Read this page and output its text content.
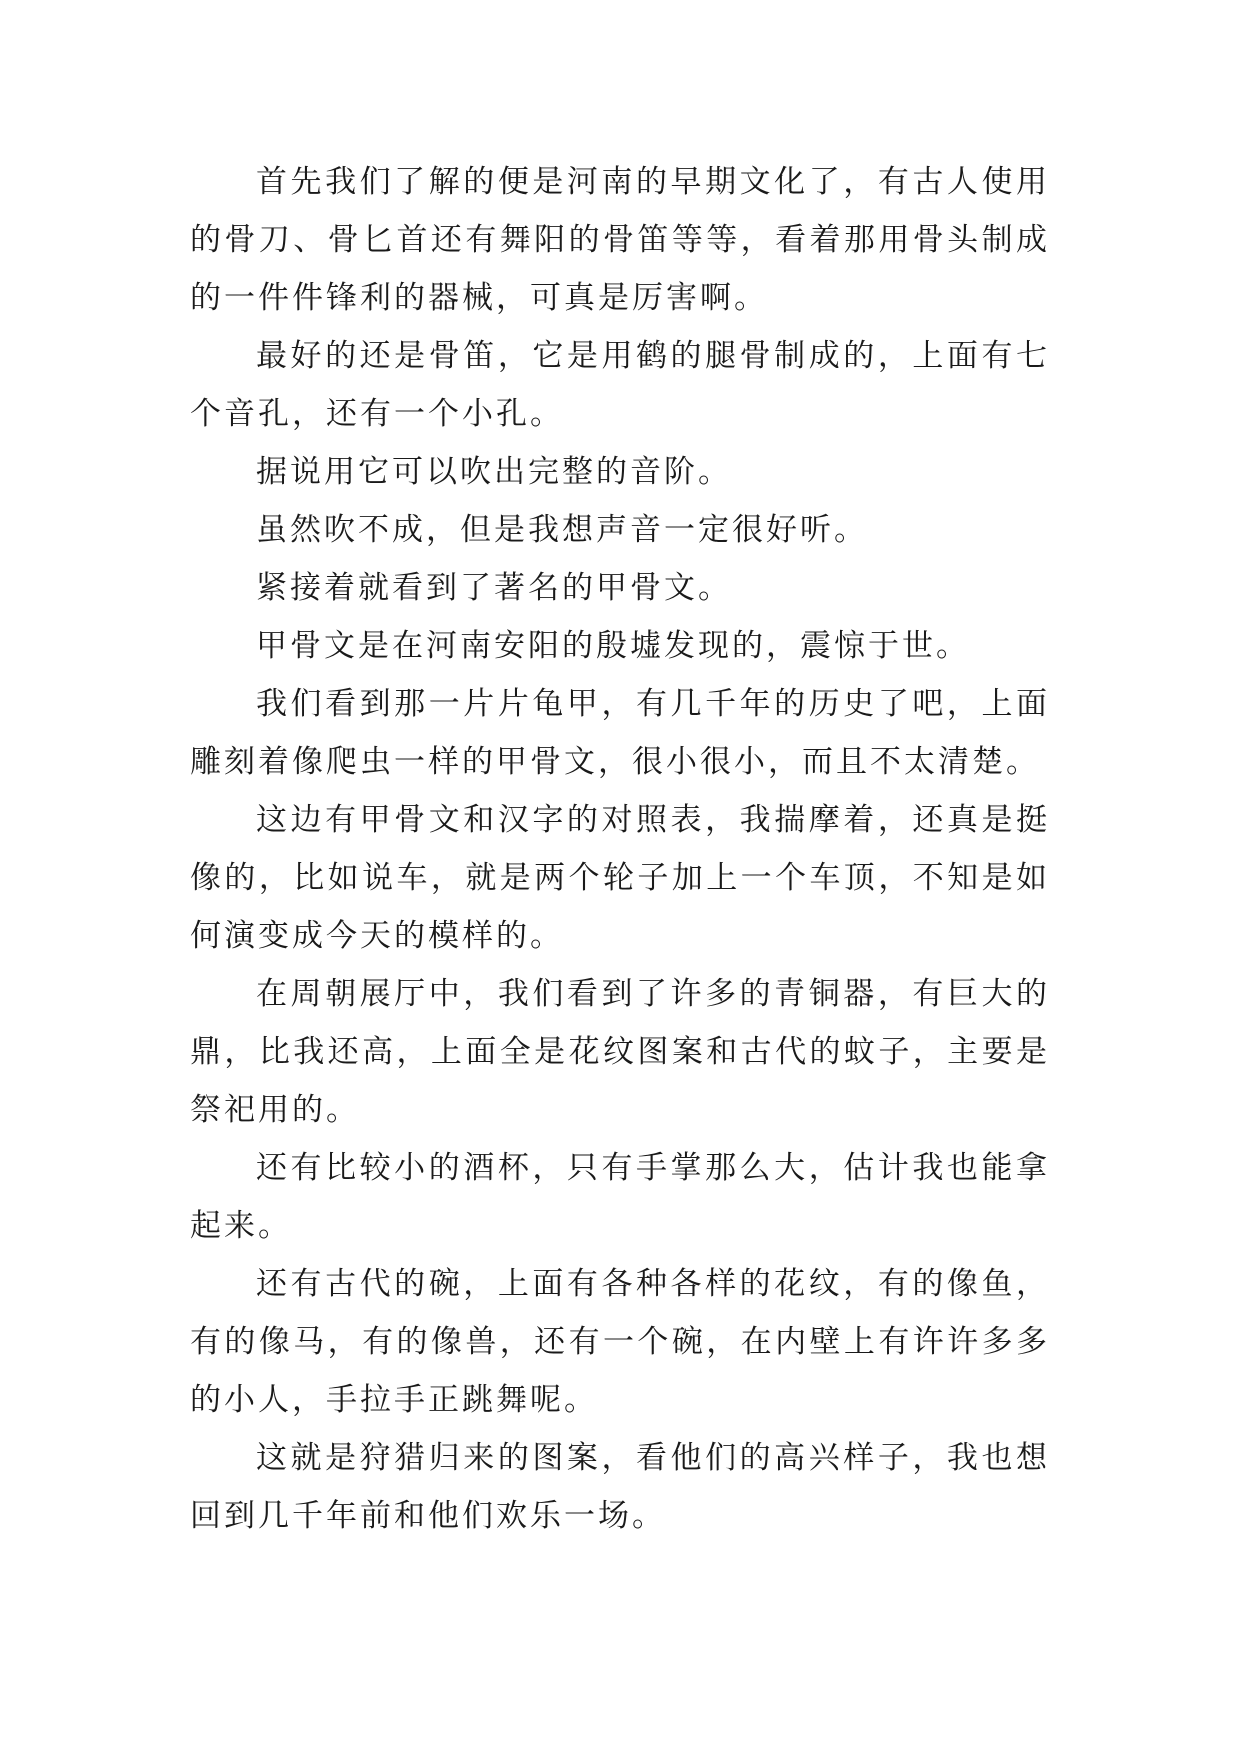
首先我们了解的便是河南的早期文化了，有古人使用的骨刀、骨匕首还有舞阳的骨笛等等，看着那用骨头制成的一件件锋利的器械，可真是厉害啊。

最好的还是骨笛，它是用鹤的腿骨制成的，上面有七个音孔，还有一个小孔。

据说用它可以吹出完整的音阶。

虽然吹不成，但是我想声音一定很好听。

紧接着就看到了著名的甲骨文。

甲骨文是在河南安阳的殷墟发现的，震惊于世。

我们看到那一片片龟甲，有几千年的历史了吧，上面雕刻着像爬虫一样的甲骨文，很小很小，而且不太清楚。

这边有甲骨文和汉字的对照表，我揣摩着，还真是挺像的，比如说车，就是两个轮子加上一个车顶，不知是如何演变成今天的模样的。

在周朝展厅中，我们看到了许多的青铜器，有巨大的鼎，比我还高，上面全是花纹图案和古代的蚊子，主要是祭祀用的。

还有比较小的酒杯，只有手掌那么大，估计我也能拿起来。

还有古代的碗，上面有各种各样的花纹，有的像鱼，有的像马，有的像兽，还有一个碗，在内壁上有许许多多的小人，手拉手正跳舞呢。

这就是狩猎归来的图案，看他们的高兴样子，我也想回到几千年前和他们欢乐一场。
